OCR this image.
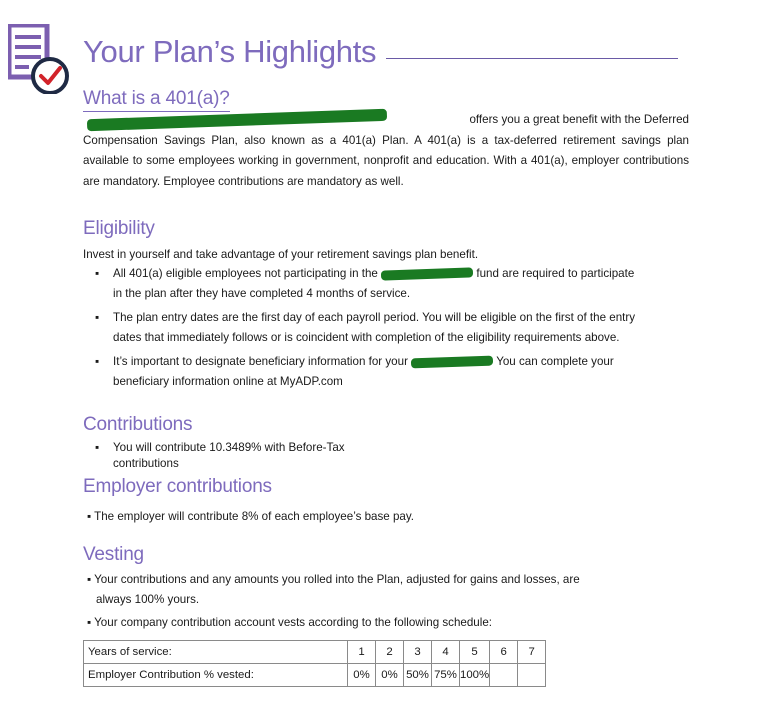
Your Plan’s Highlights
What is a 401(a)?
offers you a great benefit with the Deferred
Compensation Savings Plan, also known as a 401(a) Plan. A 401(a) is a tax-deferred retirement savings plan available to some employees working in government, nonprofit and education. With a 401(a), employer contributions are mandatory. Employee contributions are mandatory as well.
Eligibility
Invest in yourself and take advantage of your retirement savings plan benefit.
▪ All 401(a) eligible employees not participating in the	fund are required to participate in the plan after they have completed 4 months of service.
▪ The plan entry dates are the first day of each payroll period. You will be eligible on the first of the entry dates that immediately follows or is coincident with completion of the eligibility requirements above.
▪ It’s important to designate beneficiary information for your	You can complete your beneficiary information online at MyADP.com
Contributions
▪ You will contribute 10.3489% with Before-Tax contributions
Employer contributions
▪ The employer will contribute 8% of each employee’s base pay.
Vesting
▪ Your contributions and any amounts you rolled into the Plan, adjusted for gains and losses, are always 100% yours.
▪ Your company contribution account vests according to the following schedule:
Years of service:	1	2	3	4	5	6	7
Employer Contribution % vested:	0%	0%	50%	75%	100%		
